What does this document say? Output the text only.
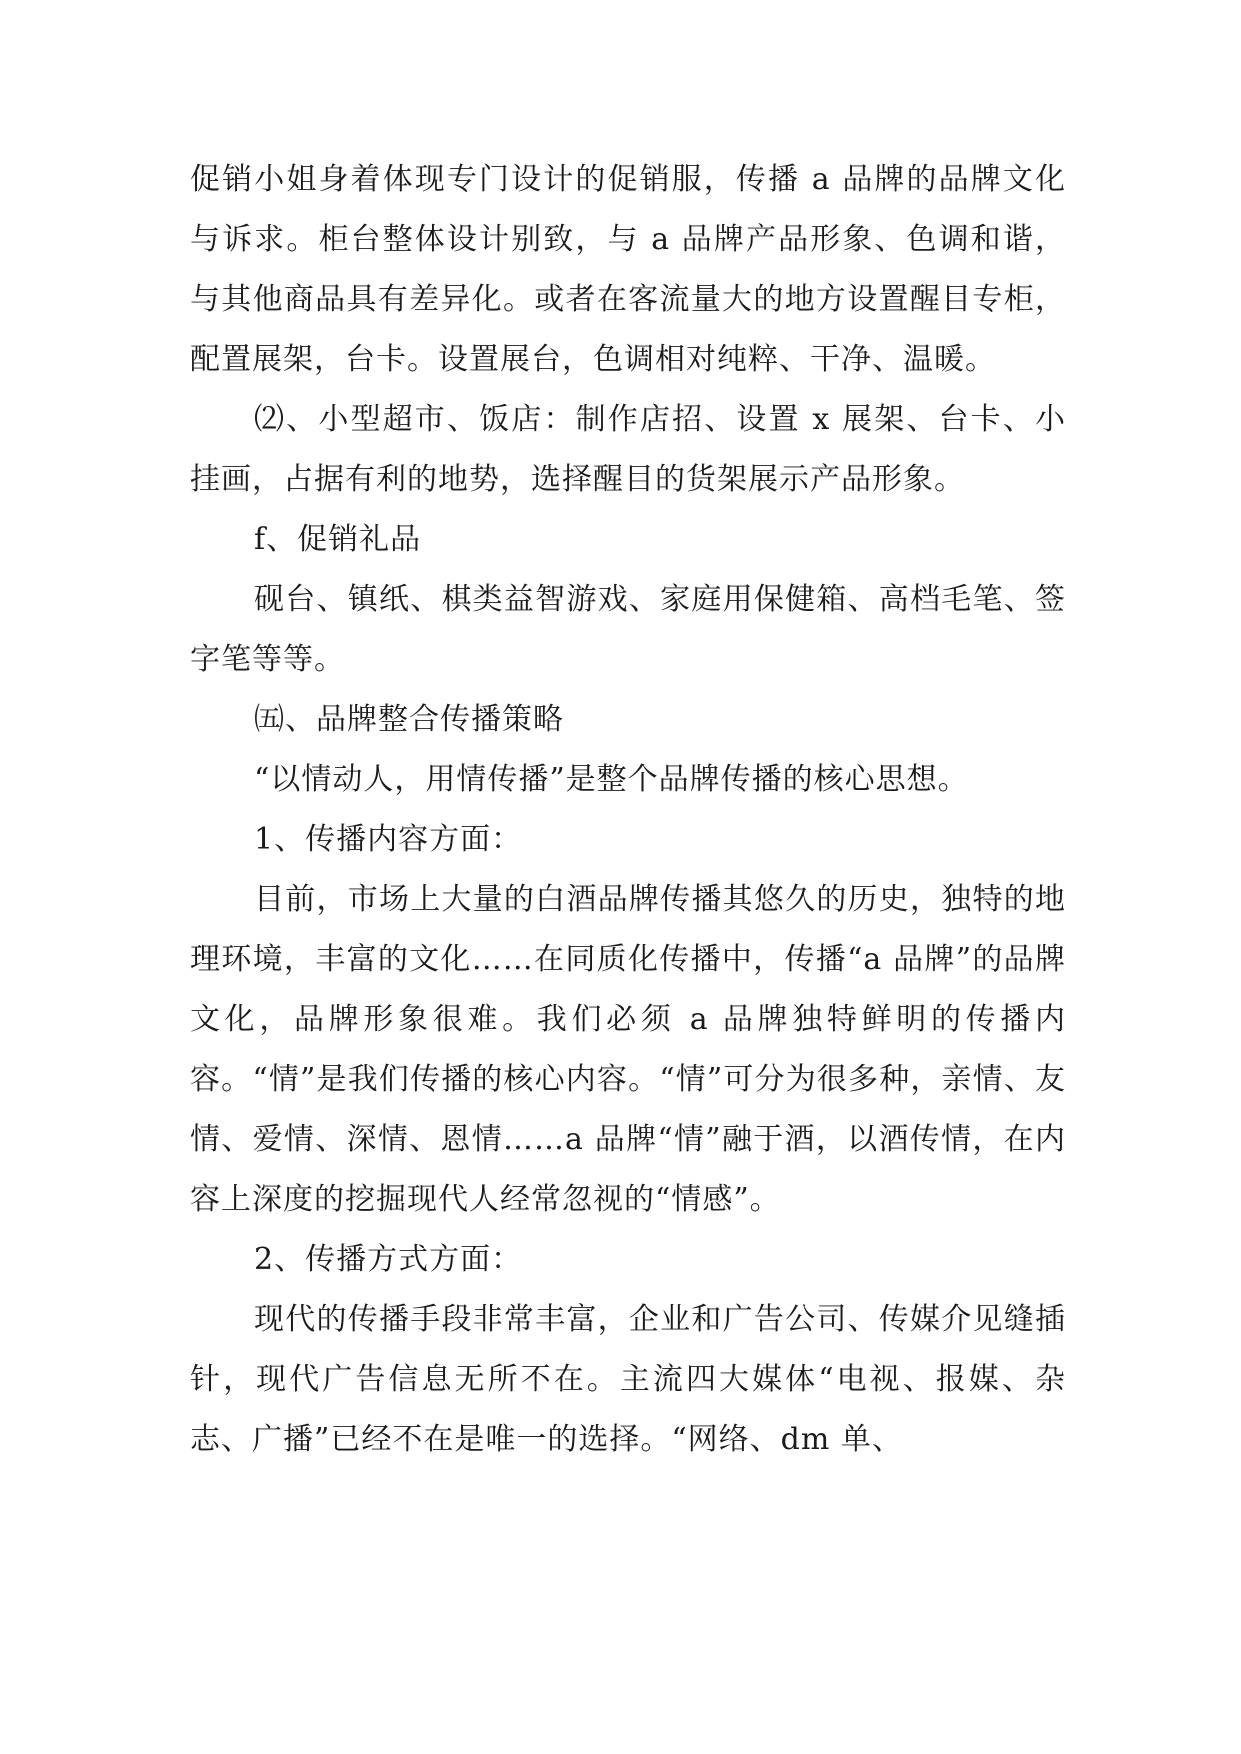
促销小姐身着体现专门设计的促销服，传播 a 品牌的品牌文化与诉求。柜台整体设计别致，与 a 品牌产品形象、色调和谐，与其他商品具有差异化。或者在客流量大的地方设置醒目专柜，配置展架，台卡。设置展台，色调相对纯粹、干净、温暖。

⑵、小型超市、饭店：制作店招、设置 x 展架、台卡、小挂画，占据有利的地势，选择醒目的货架展示产品形象。

f、促销礼品

砚台、镇纸、棋类益智游戏、家庭用保健箱、高档毛笔、签字笔等等。

㈤、品牌整合传播策略

“以情动人，用情传播”是整个品牌传播的核心思想。

1、传播内容方面：

目前，市场上大量的白酒品牌传播其悠久的历史，独特的地理环境，丰富的文化……在同质化传播中，传播“a 品牌”的品牌文化，品牌形象很难。我们必须 a 品牌独特鲜明的传播内容。“情”是我们传播的核心内容。“情”可分为很多种，亲情、友情、爱情、深情、恩情……a 品牌“情”融于酒，以酒传情，在内容上深度的挖掘现代人经常忽视的“情感”。

2、传播方式方面：

现代的传播手段非常丰富，企业和广告公司、传媒介见缝插针，现代广告信息无所不在。主流四大媒体“电视、报媒、杂志、广播”已经不在是唯一的选择。“网络、dm 单、
